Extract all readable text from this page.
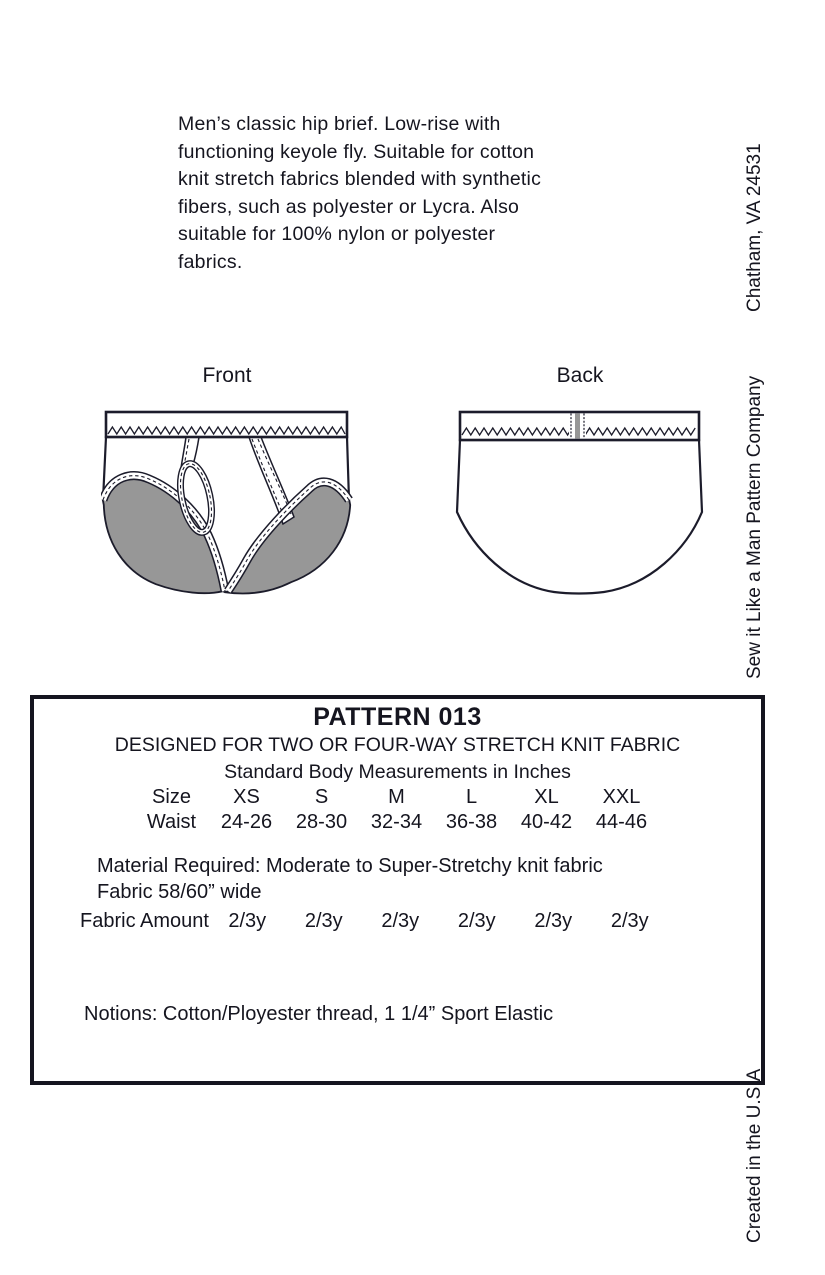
Men’s classic hip brief. Low-rise with
functioning keyole fly. Suitable for cotton
knit stretch fabrics blended with synthetic
fibers, such as polyester or Lycra. Also
suitable for 100% nylon or polyester
fabrics.
Front	Back
Chatham, VA 24531
Sew it Like a Man Pattern Company
Created in the U.S.A
PATTERN 013
DESIGNED FOR TWO OR FOUR-WAY STRETCH KNIT FABRIC
Standard Body Measurements in Inches
Size	XS	S	M	L	XL	XXL
Waist	24-26	28-30	32-34	36-38	40-42	44-46
Material Required: Moderate to Super-Stretchy knit fabric
Fabric 58/60” wide
Fabric Amount 2/3y	2/3y	2/3y	2/3y	2/3y	2/3y
Notions: Cotton/Ployester thread, 1 1/4” Sport Elastic
